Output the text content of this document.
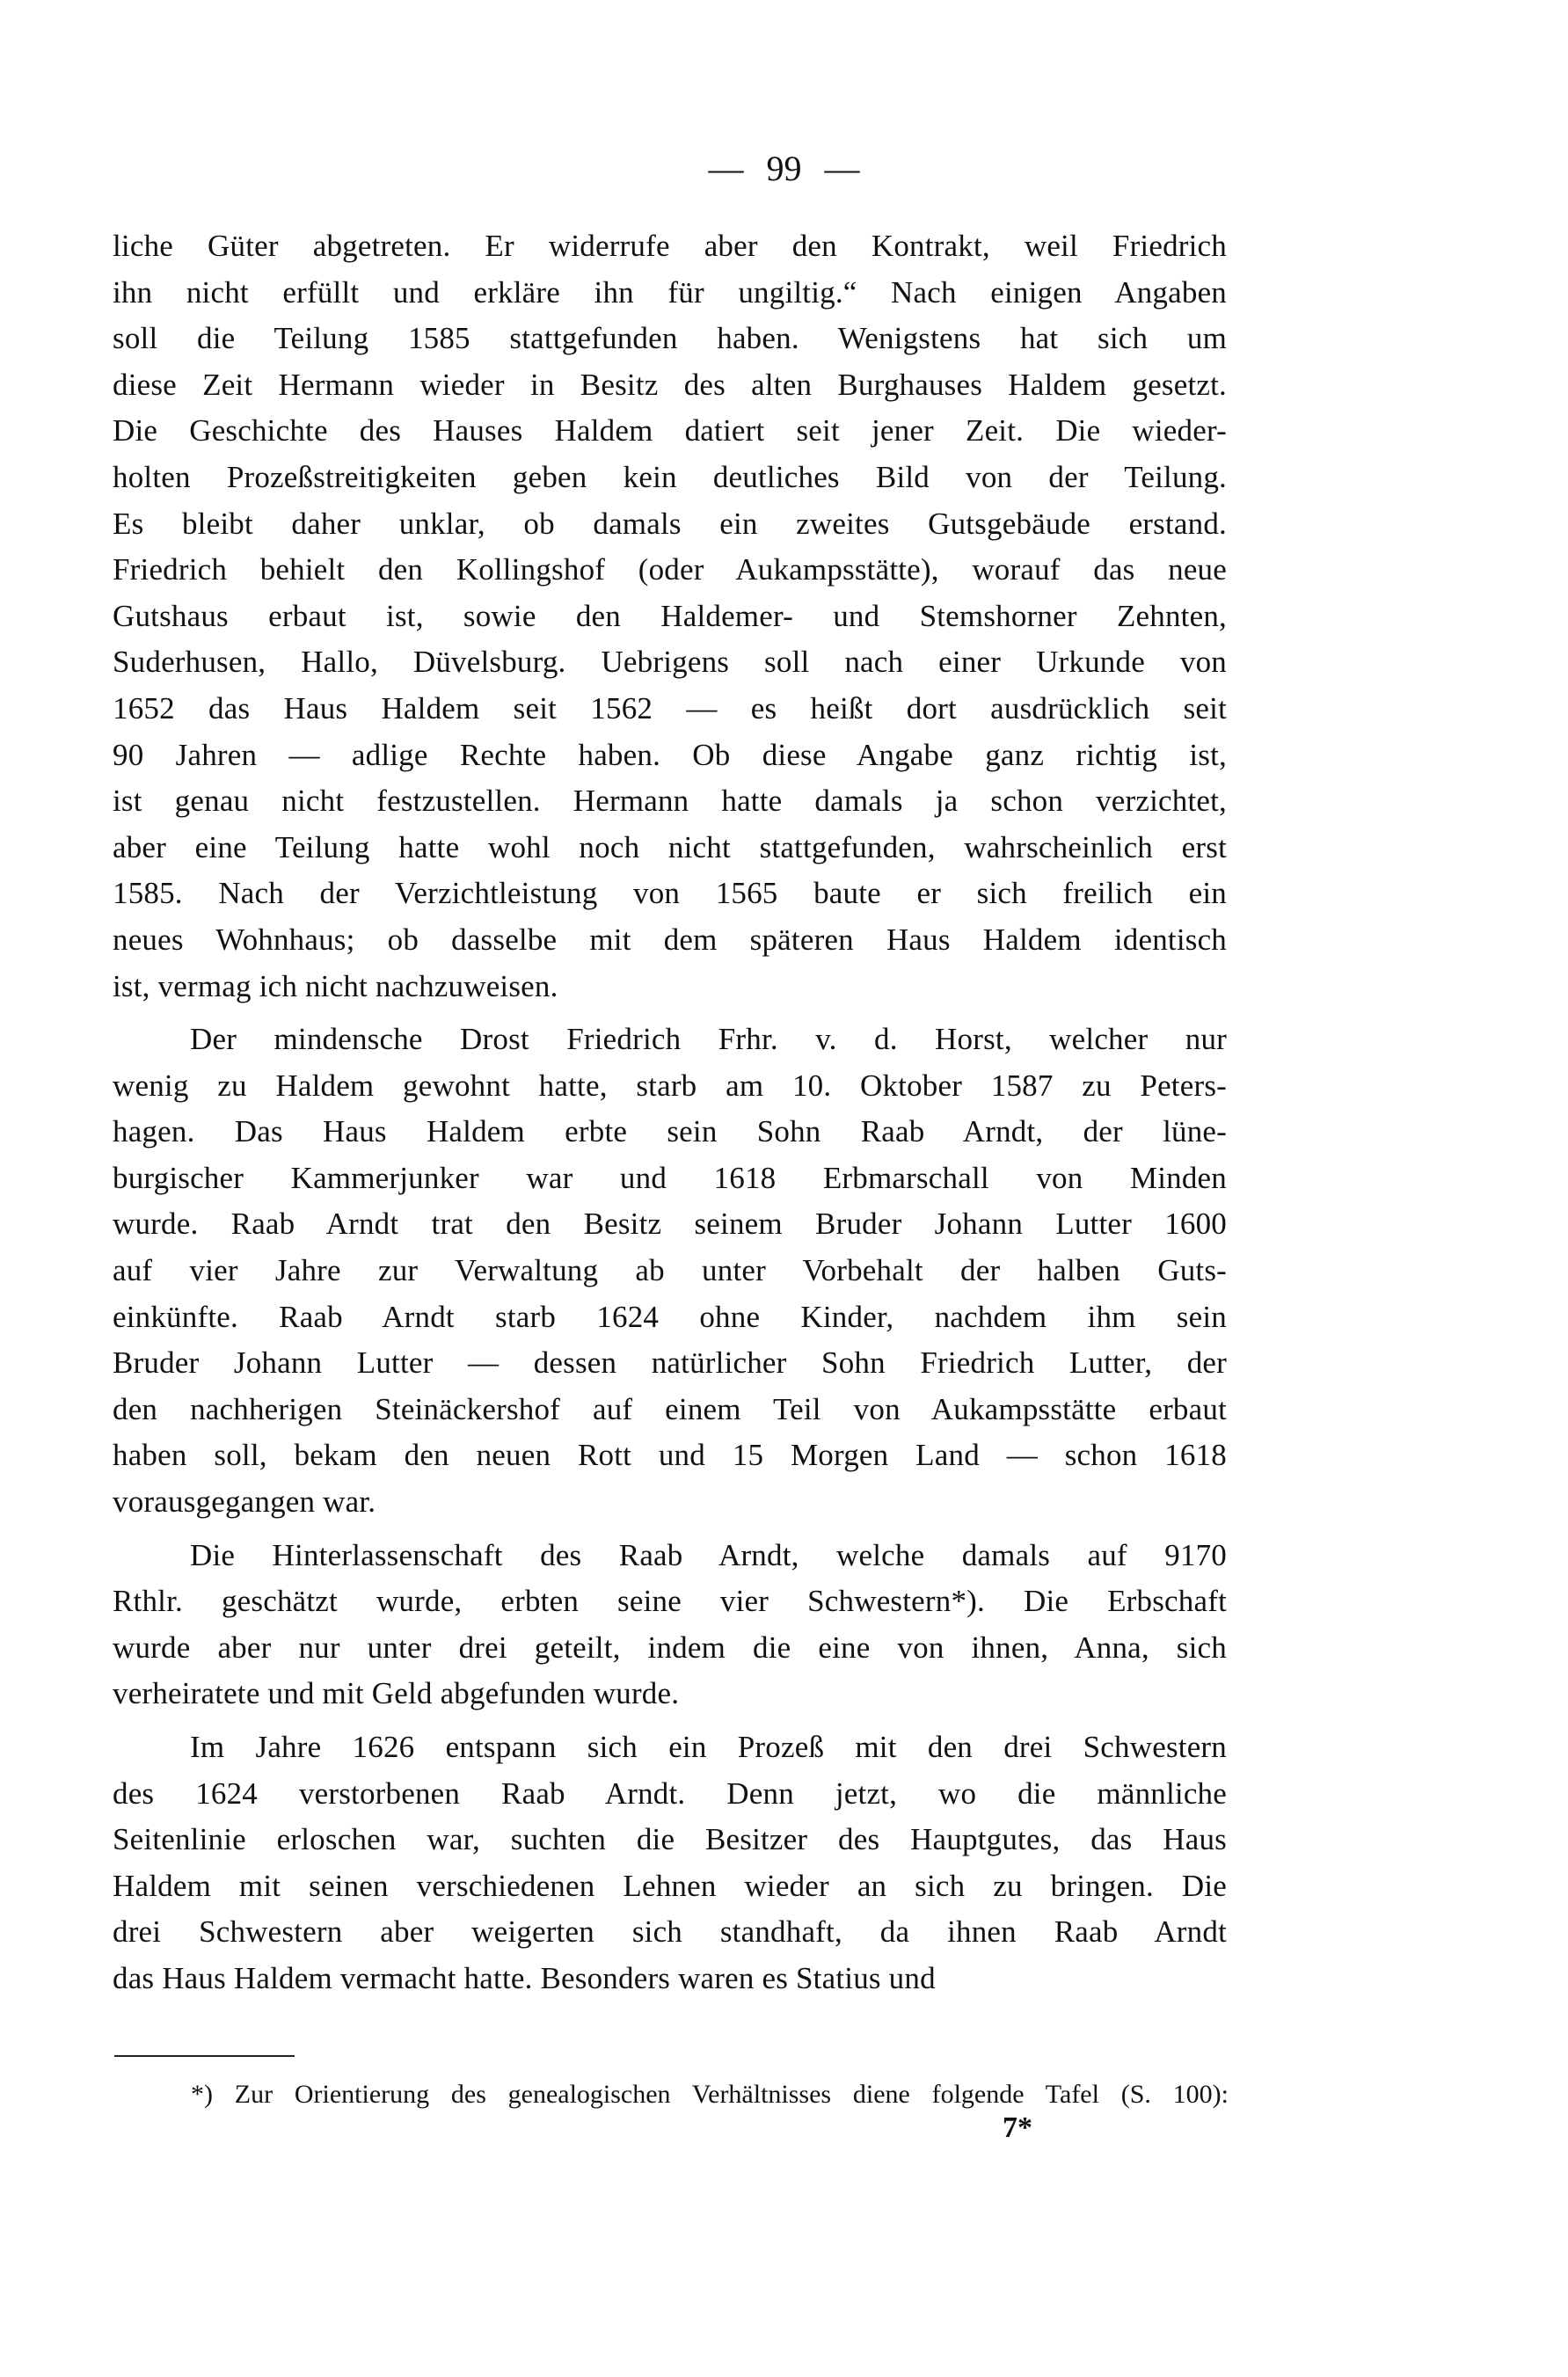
— 99 —
liche Güter abgetreten. Er widerrufe aber den Kontrakt, weil Friedrich
ihn nicht erfüllt und erkläre ihn für ungiltig.“ Nach einigen Angaben
soll die Teilung 1585 stattgefunden haben. Wenigstens hat sich um
diese Zeit Hermann wieder in Besitz des alten Burghauses Haldem gesetzt.
Die Geschichte des Hauses Haldem datiert seit jener Zeit. Die wieder-
holten Prozeßstreitigkeiten geben kein deutliches Bild von der Teilung.
Es bleibt daher unklar, ob damals ein zweites Gutsgebäude erstand.
Friedrich behielt den Kollingshof (oder Aukampsstätte), worauf das neue
Gutshaus erbaut ist, sowie den Haldemer- und Stemshorner Zehnten,
Suderhusen, Hallo, Düvelsburg. Uebrigens soll nach einer Urkunde von
1652 das Haus Haldem seit 1562 — es heißt dort ausdrücklich seit
90 Jahren — adlige Rechte haben. Ob diese Angabe ganz richtig ist,
ist genau nicht festzustellen. Hermann hatte damals ja schon verzichtet,
aber eine Teilung hatte wohl noch nicht stattgefunden, wahrscheinlich erst
1585. Nach der Verzichtleistung von 1565 baute er sich freilich ein
neues Wohnhaus; ob dasselbe mit dem späteren Haus Haldem identisch
ist, vermag ich nicht nachzuweisen.
Der mindensche Drost Friedrich Frhr. v. d. Horst, welcher nur
wenig zu Haldem gewohnt hatte, starb am 10. Oktober 1587 zu Peters-
hagen. Das Haus Haldem erbte sein Sohn Raab Arndt, der lüne-
burgischer Kammerjunker war und 1618 Erbmarschall von Minden
wurde. Raab Arndt trat den Besitz seinem Bruder Johann Lutter 1600
auf vier Jahre zur Verwaltung ab unter Vorbehalt der halben Guts-
einkünfte. Raab Arndt starb 1624 ohne Kinder, nachdem ihm sein
Bruder Johann Lutter — dessen natürlicher Sohn Friedrich Lutter, der
den nachherigen Steinäckershof auf einem Teil von Aukampsstätte erbaut
haben soll, bekam den neuen Rott und 15 Morgen Land — schon 1618
vorausgegangen war.
Die Hinterlassenschaft des Raab Arndt, welche damals auf 9170
Rthlr. geschätzt wurde, erbten seine vier Schwestern*). Die Erbschaft
wurde aber nur unter drei geteilt, indem die eine von ihnen, Anna, sich
verheiratete und mit Geld abgefunden wurde.
Im Jahre 1626 entspann sich ein Prozeß mit den drei Schwestern
des 1624 verstorbenen Raab Arndt. Denn jetzt, wo die männliche
Seitenlinie erloschen war, suchten die Besitzer des Hauptgutes, das Haus
Haldem mit seinen verschiedenen Lehnen wieder an sich zu bringen. Die
drei Schwestern aber weigerten sich standhaft, da ihnen Raab Arndt
das Haus Haldem vermacht hatte. Besonders waren es Statius und
*) Zur Orientierung des genealogischen Verhältnisses diene folgende Tafel (S. 100):
7*
